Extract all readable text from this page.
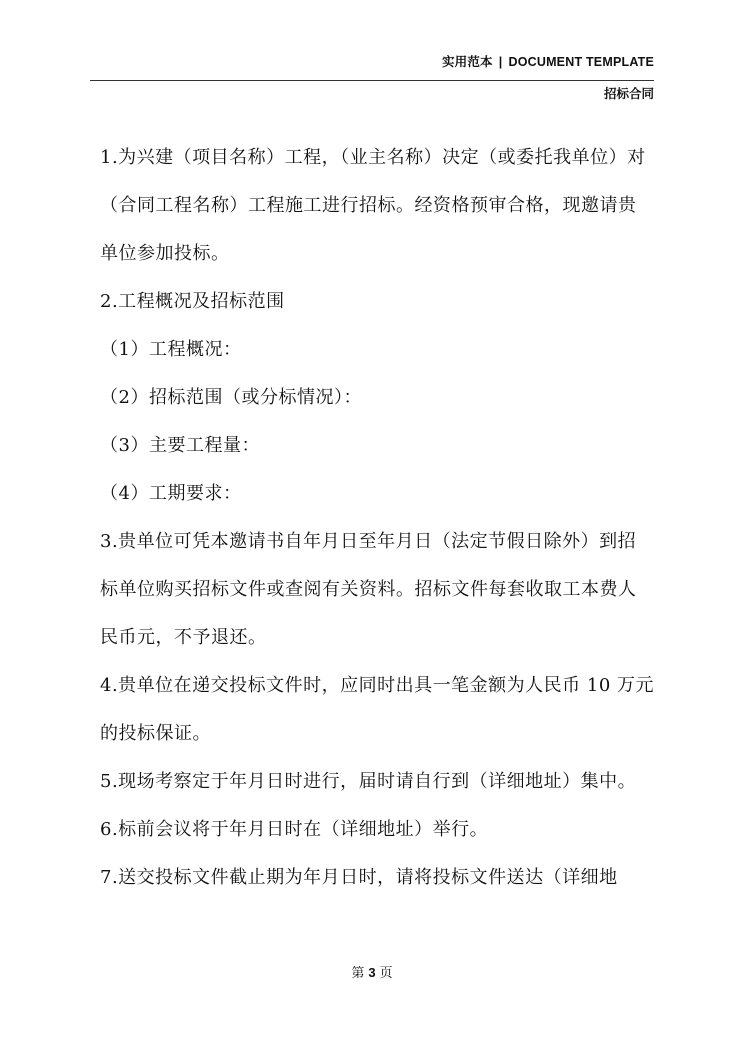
实用范本 | DOCUMENT TEMPLATE
招标合同
1.为兴建（项目名称）工程，（业主名称）决定（或委托我单位）对
（合同工程名称）工程施工进行招标。经资格预审合格，现邀请贵
单位参加投标。
2.工程概况及招标范围
（1）工程概况：
（2）招标范围（或分标情况）：
（3）主要工程量：
（4）工期要求：
3.贵单位可凭本邀请书自年月日至年月日（法定节假日除外）到招
标单位购买招标文件或查阅有关资料。招标文件每套收取工本费人
民币元，不予退还。
4.贵单位在递交投标文件时，应同时出具一笔金额为人民币 10 万元
的投标保证。
5.现场考察定于年月日时进行，届时请自行到（详细地址）集中。
6.标前会议将于年月日时在（详细地址）举行。
7.送交投标文件截止期为年月日时，请将投标文件送达（详细地
第 3 页
